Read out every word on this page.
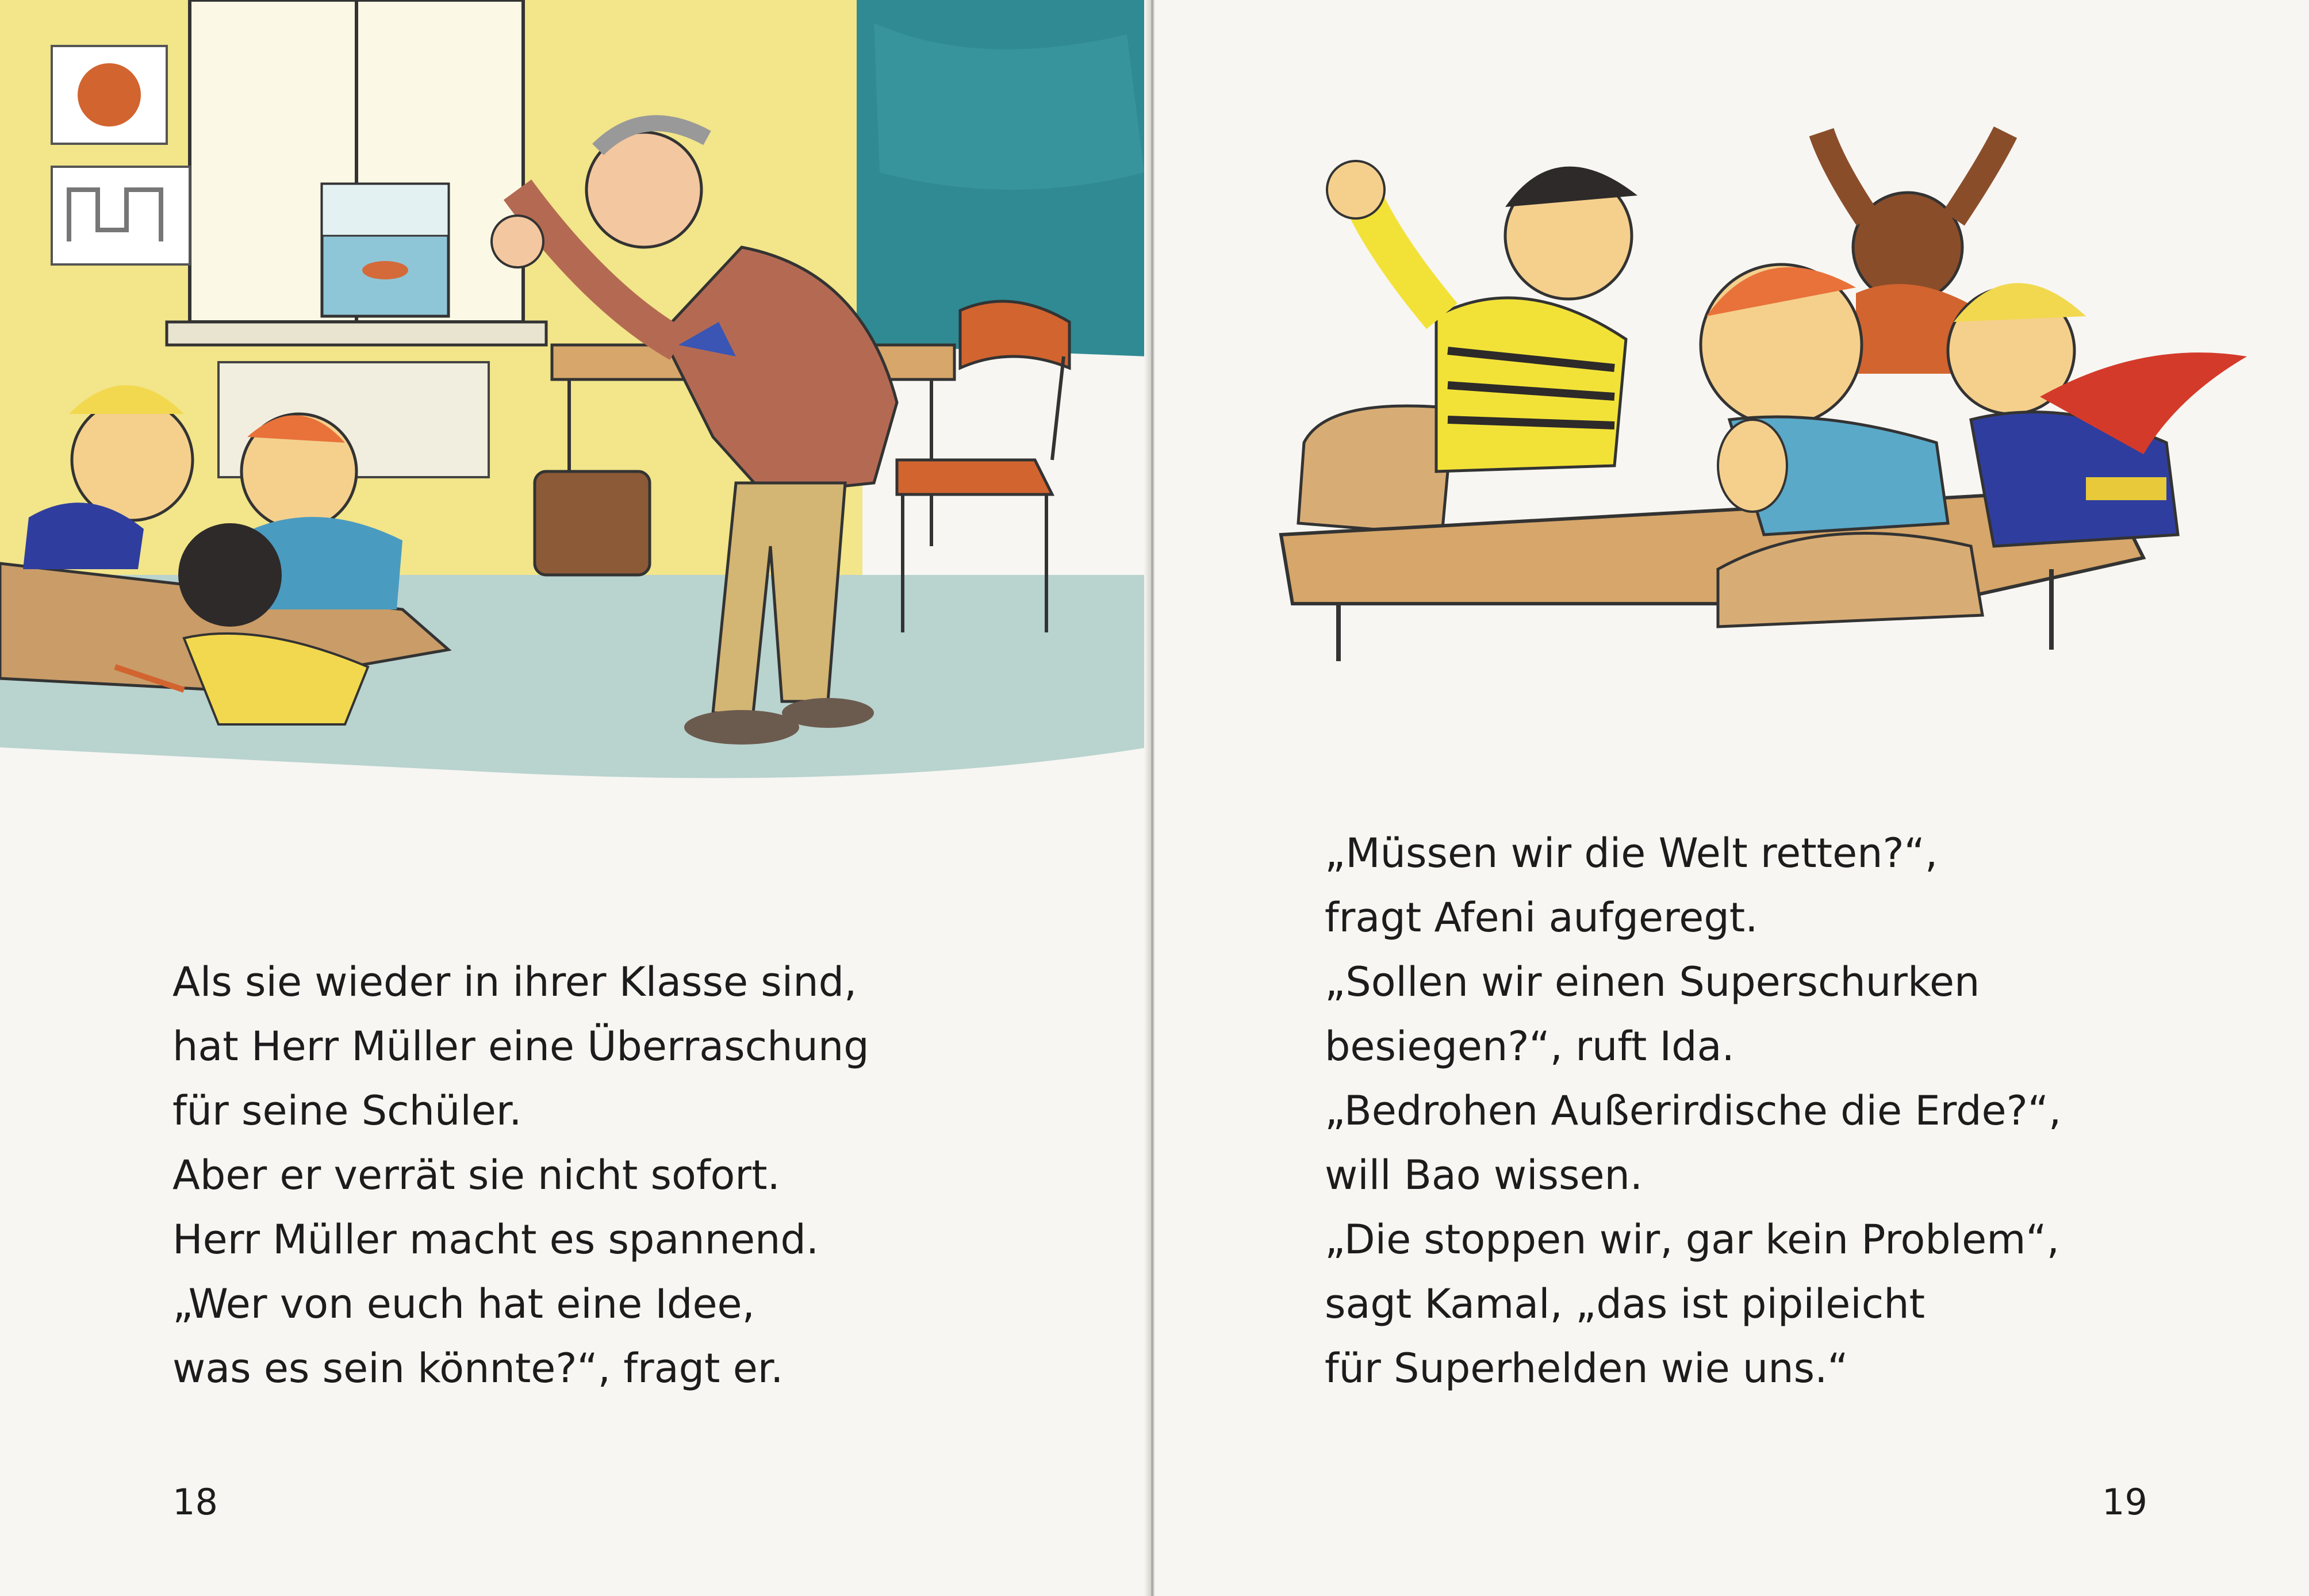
Als sie wieder in ihrer Klasse sind,

hat Herr Müller eine Überraschung

für seine Schüler.

Aber er verrät sie nicht sofort.

Herr Müller macht es spannend.

„Wer von euch hat eine Idee,

was es sein könnte?“, fragt er.

18

„Müssen wir die Welt retten?“,

fragt Afeni aufgeregt.

„Sollen wir einen Superschurken

besiegen?“, ruft Ida.

„Bedrohen Außerirdische die Erde?“,

will Bao wissen.

„Die stoppen wir, gar kein Problem“,

sagt Kamal, „das ist pipileicht

für Superhelden wie uns.“

19
